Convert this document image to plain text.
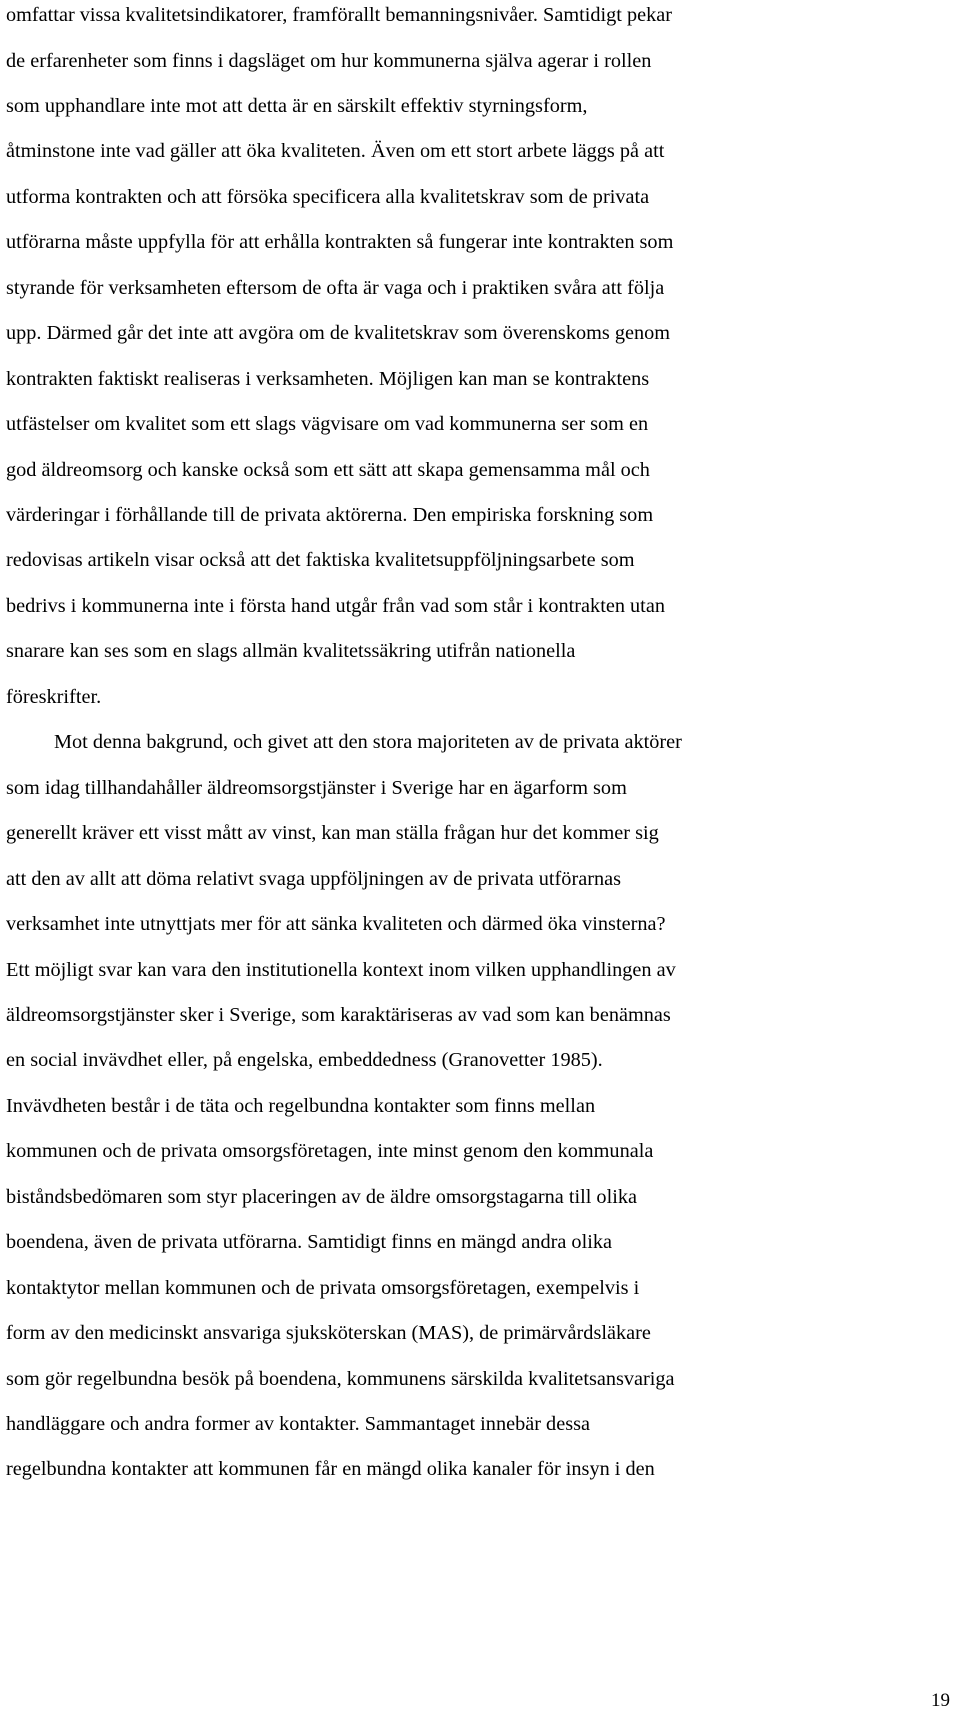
omfattar vissa kvalitetsindikatorer, framförallt bemanningsnivåer. Samtidigt pekar

de erfarenheter som finns i dagsläget om hur kommunerna själva agerar i rollen

som upphandlare inte mot att detta är en särskilt effektiv styrningsform,

åtminstone inte vad gäller att öka kvaliteten. Även om ett stort arbete läggs på att

utforma kontrakten och att försöka specificera alla kvalitetskrav som de privata

utförarna måste uppfylla för att erhålla kontrakten så fungerar inte kontrakten som

styrande för verksamheten eftersom de ofta är vaga och i praktiken svåra att följa

upp. Därmed går det inte att avgöra om de kvalitetskrav som överenskoms genom

kontrakten faktiskt realiseras i verksamheten. Möjligen kan man se kontraktens

utfästelser om kvalitet som ett slags vägvisare om vad kommunerna ser som en

god äldreomsorg och kanske också som ett sätt att skapa gemensamma mål och

värderingar i förhållande till de privata aktörerna. Den empiriska forskning som

redovisas artikeln visar också att det faktiska kvalitetsuppföljningsarbete som

bedrivs i kommunerna inte i första hand utgår från vad som står i kontrakten utan

snarare kan ses som en slags allmän kvalitetssäkring utifrån nationella

föreskrifter.

Mot denna bakgrund, och givet att den stora majoriteten av de privata aktörer

som idag tillhandahåller äldreomsorgstjänster i Sverige har en ägarform som

generellt kräver ett visst mått av vinst, kan man ställa frågan hur det kommer sig

att den av allt att döma relativt svaga uppföljningen av de privata utförarnas

verksamhet inte utnyttjats mer för att sänka kvaliteten och därmed öka vinsterna?

Ett möjligt svar kan vara den institutionella kontext inom vilken upphandlingen av

äldreomsorgstjänster sker i Sverige, som karaktäriseras av vad som kan benämnas

en social invävdhet eller, på engelska, embeddedness (Granovetter 1985).

Invävdheten består i de täta och regelbundna kontakter som finns mellan

kommunen och de privata omsorgsföretagen, inte minst genom den kommunala

biståndsbedömaren som styr placeringen av de äldre omsorgstagarna till olika

boendena, även de privata utförarna. Samtidigt finns en mängd andra olika

kontaktytor mellan kommunen och de privata omsorgsföretagen, exempelvis i

form av den medicinskt ansvariga sjuksköterskan (MAS), de primärvårdsläkare

som gör regelbundna besök på boendena, kommunens särskilda kvalitetsansvariga

handläggare och andra former av kontakter. Sammantaget innebär dessa

regelbundna kontakter att kommunen får en mängd olika kanaler för insyn i den

19
